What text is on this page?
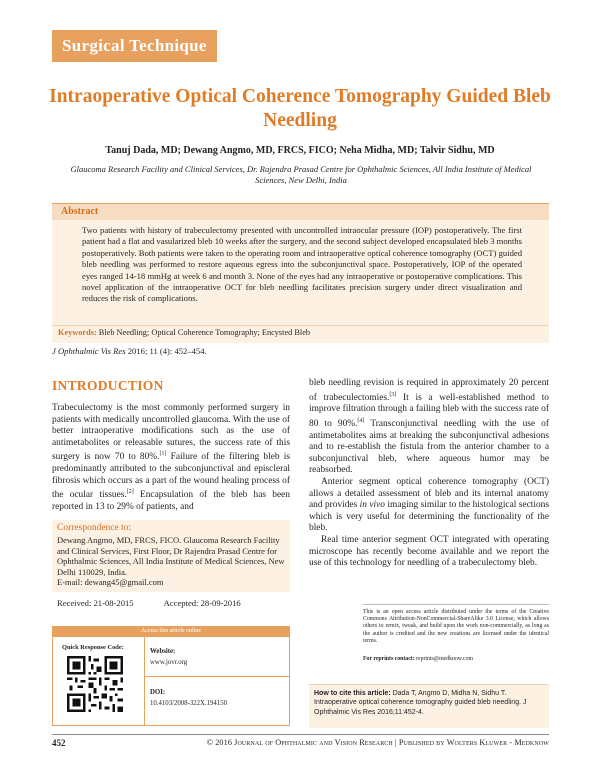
Surgical Technique
Intraoperative Optical Coherence Tomography Guided Bleb Needling
Tanuj Dada, MD; Dewang Angmo, MD, FRCS, FICO; Neha Midha, MD; Talvir Sidhu, MD
Glaucoma Research Facility and Clinical Services, Dr. Rajendra Prasad Centre for Ophthalmic Sciences, All India Institute of Medical Sciences, New Delhi, India
Abstract

Two patients with history of trabeculectomy presented with uncontrolled intraocular pressure (IOP) postoperatively. The first patient had a flat and vasularized bleb 10 weeks after the surgery, and the second subject developed encapsulated bleb 3 months postoperatively. Both patients were taken to the operating room and intraoperative optical coherence tomography (OCT) guided bleb needling was performed to restore aqueous egress into the subconjunctival space. Postoperatively, IOP of the operated eyes ranged 14-18 mmHg at week 6 and month 3. None of the eyes had any intraoperative or postoperative complications. This novel application of the intraoperative OCT for bleb needling facilitates precision surgery under direct visualization and reduces the risk of complications.

Keywords: Bleb Needling; Optical Coherence Tomography; Encysted Bleb
J Ophthalmic Vis Res 2016; 11 (4): 452–454.
INTRODUCTION

Trabeculectomy is the most commonly performed surgery in patients with medically uncontrolled glaucoma. With the use of better intraoperative modifications such as the use of antimetabolites or releasable sutures, the success rate of this surgery is now 70 to 80%.[1] Failure of the filtering bleb is predominantly attributed to the subconjunctival and episcleral fibrosis which occurs as a part of the wound healing process of the ocular tissues.[2] Encapsulation of the bleb has been reported in 13 to 29% of patients, and

bleb needling revision is required in approximately 20 percent of trabeculectomies.[3] It is a well-established method to improve filtration through a failing bleb with the success rate of 80 to 90%.[4] Transconjunctival needling with the use of antimetabolites aims at breaking the subconjunctival adhesions and to re-establish the fistula from the anterior chamber to a subconjunctival bleb, where aqueous humor may be reabsorbed.

Anterior segment optical coherence tomography (OCT) allows a detailed assessment of bleb and its internal anatomy and provides in vivo imaging similar to the histological sections which is very useful for determining the functionality of the bleb.

Real time anterior segment OCT integrated with operating microscope has recently become available and we report the use of this technology for needling of a trabeculectomy bleb.

Correspondence to:
Dewang Angmo, MD, FRCS, FICO. Glaucoma Research Facility and Clinical Services, First Floor, Dr Rajendra Prasad Centre for Ophthalmic Sciences, All India Institute of Medical Sciences, New Delhi 110029, India.
E-mail: dewang45@gmail.com
Received: 21-08-2015	Accepted: 28-09-2016
Access this article online
Quick Response Code:
Website:
www.jovr.org
DOI:
10.4103/2008-322X.194150

This is an open access article distributed under the terms of the Creative Commons Attribution-NonCommercial-ShareAlike 3.0 License, which allows others to remix, tweak, and build upon the work non-commercially, as long as the author is credited and the new creations are licensed under the identical terms.

For reprints contact: reprints@medknow.com

How to cite this article: Dada T, Angmo D, Midha N, Sidhu T. Intraoperative optical coherence tomography guided bleb needling. J Ophthalmic Vis Res 2016;11:452-4.
452	© 2016 Journal of Ophthalmic and Vision Research | Published by Wolters Kluwer - Medknow
